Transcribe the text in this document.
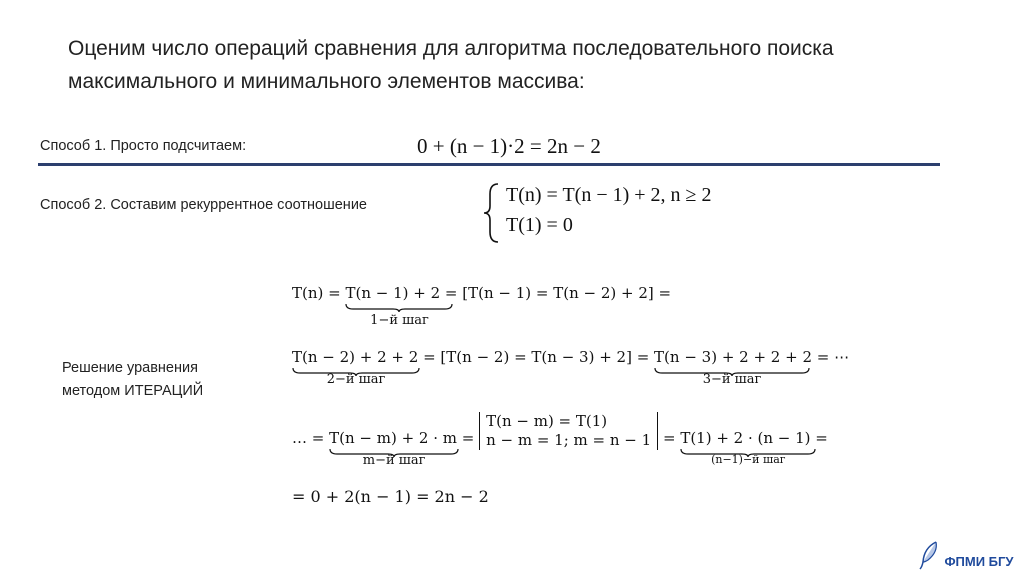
Оценим число операций сравнения для алгоритма последовательного поиска максимального и минимального элементов массива:
Способ 1. Просто подсчитаем:	0 + (n − 1)·2 = 2n − 2
Способ 2. Составим рекуррентное соотношение	T(n) = T(n − 1) + 2, n ≥ 2
T(1) = 0
Решение уравнения
методом ИТЕРАЦИЙ
T(n) = T(n − 1) + 2
1−й шаг
= [T(n − 1) = T(n − 2) + 2] =
T(n − 2) + 2 + 2
2−й шаг
= [T(n − 2) = T(n − 3) + 2] = T(n − 3) + 2 + 2 + 2
3−й шаг
= ⋯
… = T(n − m) + 2 · m
m−й шаг
=
T(n − m) = T(1)
n − m = 1; m = n − 1 = T(1) + 2 · (n − 1)
(n−1)−й шаг
=
= 0 + 2(n − 1) = 2n − 2
$_{ФПМИ БГУ}$
